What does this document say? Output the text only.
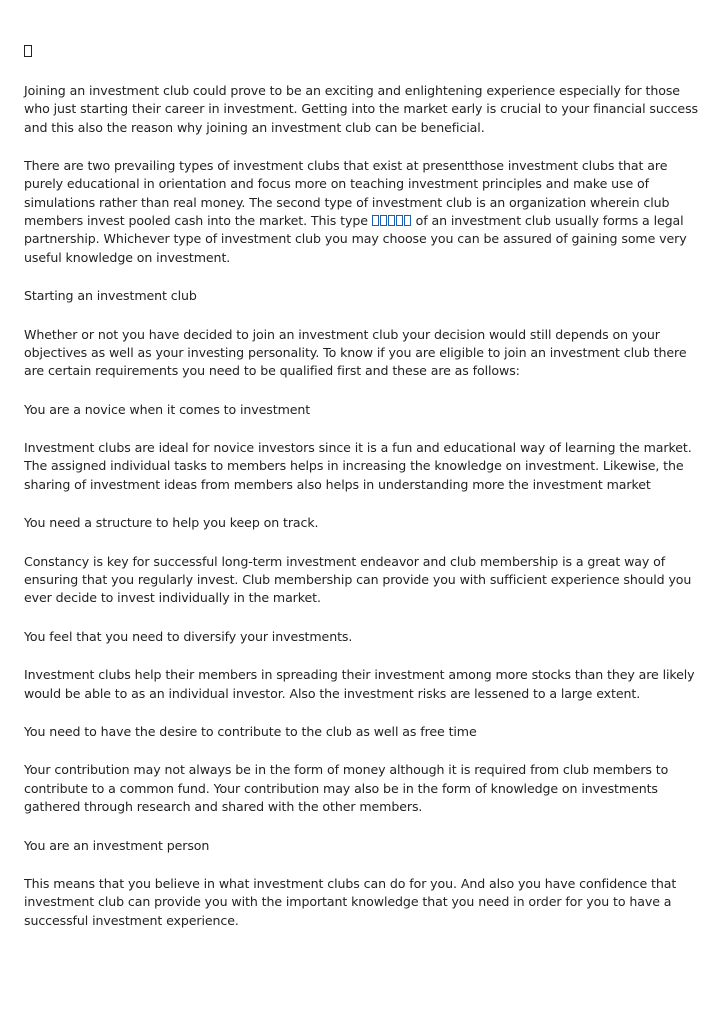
Joining an investment club could prove to be an exciting and enlightening experience especially for those who just starting their career in investment. Getting into the market early is crucial to your financial success and this also the reason why joining an investment club can be beneficial.

There are two prevailing types of investment clubs that exist at presentthose investment clubs that are purely educational in orientation and focus more on teaching investment principles and make use of simulations rather than real money. The second type of investment club is an organization wherein club members invest pooled cash into the market. This type	of an investment club usually forms a legal partnership. Whichever type of investment club you may choose you can be assured of gaining some very useful knowledge on investment.

Starting an investment club

Whether or not you have decided to join an investment club your decision would still depends on your objectives as well as your investing personality. To know if you are eligible to join an investment club there are certain requirements you need to be qualified first and these are as follows:

You are a novice when it comes to investment

Investment clubs are ideal for novice investors since it is a fun and educational way of learning the market. The assigned individual tasks to members helps in increasing the knowledge on investment. Likewise, the sharing of investment ideas from members also helps in understanding more the investment market

You need a structure to help you keep on track.

Constancy is key for successful long-term investment endeavor and club membership is a great way of ensuring that you regularly invest. Club membership can provide you with sufficient experience should you ever decide to invest individually in the market.

You feel that you need to diversify your investments.

Investment clubs help their members in spreading their investment among more stocks than they are likely would be able to as an individual investor. Also the investment risks are lessened to a large extent.

You need to have the desire to contribute to the club as well as free time

Your contribution may not always be in the form of money although it is required from club members to contribute to a common fund. Your contribution may also be in the form of knowledge on investments gathered through research and shared with the other members.

You are an investment person

This means that you believe in what investment clubs can do for you. And also you have confidence that investment club can provide you with the important knowledge that you need in order for you to have a successful investment experience.
